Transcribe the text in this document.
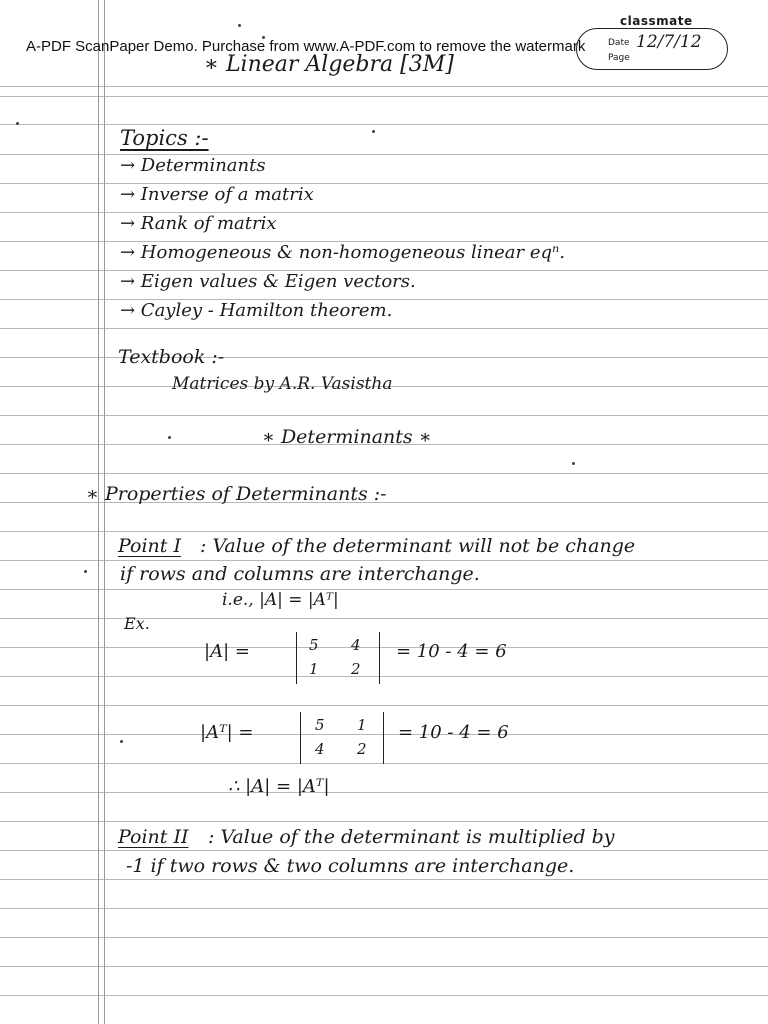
A-PDF ScanPaper Demo. Purchase from www.A-PDF.com to remove the watermark
classmate
Date 12/7/12
Page
∗ Linear Algebra [3M]
Topics :-
→ Determinants
→ Inverse of a matrix
→ Rank of matrix
→ Homogeneous & non-homogeneous linear eqⁿ.
→ Eigen values & Eigen vectors.
→ Cayley - Hamilton theorem.
Textbook :-
Matrices by A.R. Vasistha
∗ Determinants ∗
∗ Properties of Determinants :-
Point I : Value of the determinant will not be change
if rows and columns are interchange.
i.e., |A| = |Aᵀ|
Ex.
|A| =	5 4
1 2
= 10 - 4 = 6
|Aᵀ| =	5 1
4 2
= 10 - 4 = 6
∴ |A| = |Aᵀ|
Point II : Value of the determinant is multiplied by
-1 if two rows & two columns are interchange.
